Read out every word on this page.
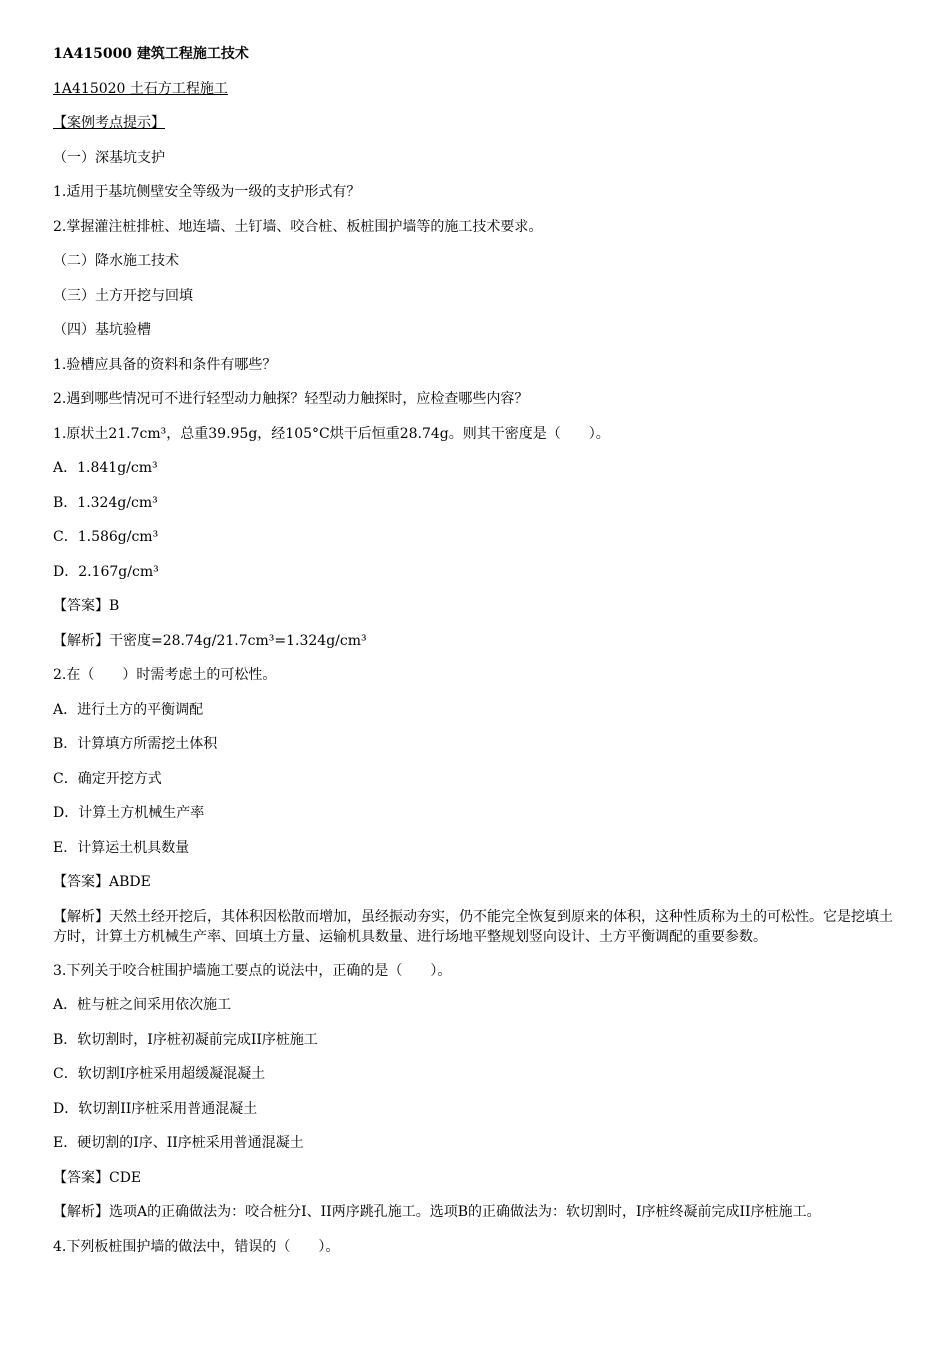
1A415000 建筑工程施工技术
1A415020 土石方工程施工
【案例考点提示】
（一）深基坑支护
1.适用于基坑侧壁安全等级为一级的支护形式有？
2.掌握灌注桩排桩、地连墙、土钉墙、咬合桩、板桩围护墙等的施工技术要求。
（二）降水施工技术
（三）土方开挖与回填
（四）基坑验槽
1.验槽应具备的资料和条件有哪些？
2.遇到哪些情况可不进行轻型动力触探？轻型动力触探时，应检查哪些内容？
1.原状土21.7cm³，总重39.95g，经105°C烘干后恒重28.74g。则其干密度是（　　）。
A．1.841g/cm³
B．1.324g/cm³
C．1.586g/cm³
D．2.167g/cm³
【答案】B
【解析】干密度=28.74g/21.7cm³=1.324g/cm³
2.在（　　）时需考虑土的可松性。
A．进行土方的平衡调配
B．计算填方所需挖土体积
C．确定开挖方式
D．计算土方机械生产率
E．计算运土机具数量
【答案】ABDE
【解析】天然土经开挖后，其体积因松散而增加，虽经振动夯实，仍不能完全恢复到原来的体积，这种性质称为土的可松性。它是挖填土方时，计算土方机械生产率、回填土方量、运输机具数量、进行场地平整规划竖向设计、土方平衡调配的重要参数。
3.下列关于咬合桩围护墙施工要点的说法中，正确的是（　　）。
A．桩与桩之间采用依次施工
B．软切割时，I序桩初凝前完成II序桩施工
C．软切割I序桩采用超缓凝混凝土
D．软切割II序桩采用普通混凝土
E．硬切割的I序、II序桩采用普通混凝土
【答案】CDE
【解析】选项A的正确做法为：咬合桩分I、II两序跳孔施工。选项B的正确做法为：软切割时，I序桩终凝前完成II序桩施工。
4.下列板桩围护墙的做法中，错误的（　　）。
